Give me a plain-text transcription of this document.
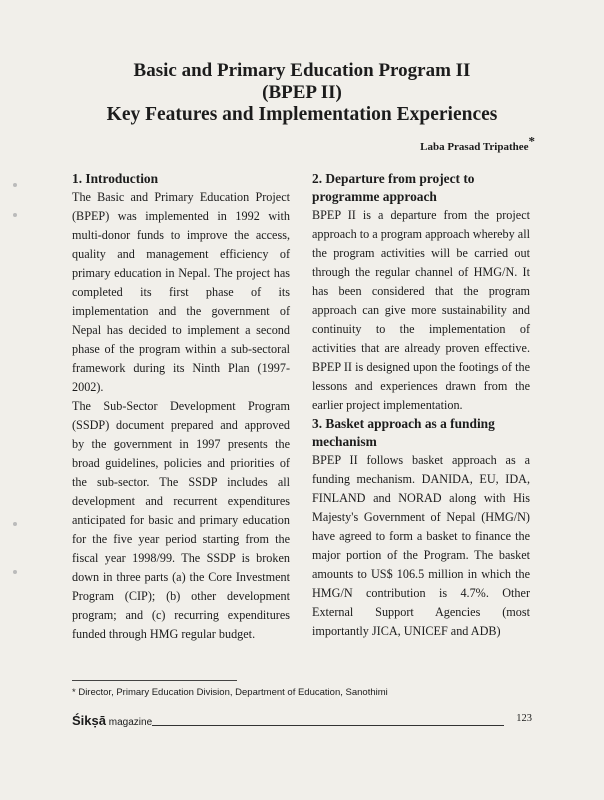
Basic and Primary Education Program II
(BPEP II)
Key Features and Implementation Experiences
Laba Prasad Tripathee*
1. Introduction

The Basic and Primary Education Project (BPEP) was implemented in 1992 with multi-donor funds to improve the access, quality and management efficiency of primary education in Nepal. The project has completed its first phase of its implementation and the government of Nepal has decided to implement a second phase of the program within a sub-sectoral framework during its Ninth Plan (1997-2002).

The Sub-Sector Development Program (SSDP) document prepared and approved by the government in 1997 presents the broad guidelines, policies and priorities of the sub-sector. The SSDP includes all development and recurrent expenditures anticipated for basic and primary education for the five year period starting from the fiscal year 1998/99. The SSDP is broken down in three parts (a) the Core Investment Program (CIP); (b) other development program; and (c) recurring expenditures funded through HMG regular budget.

2. Departure from project to programme approach

BPEP II is a departure from the project approach to a program approach whereby all the program activities will be carried out through the regular channel of HMG/N. It has been considered that the program approach can give more sustainability and continuity to the implementation of activities that are already proven effective. BPEP II is designed upon the footings of the lessons and experiences drawn from the earlier project implementation.

3. Basket approach as a funding mechanism

BPEP II follows basket approach as a funding mechanism. DANIDA, EU, IDA, FINLAND and NORAD along with His Majesty's Government of Nepal (HMG/N) have agreed to form a basket to finance the major portion of the Program. The basket amounts to US$ 106.5 million in which the HMG/N contribution is 4.7%. Other External Support Agencies (most importantly JICA, UNICEF and ADB)

* Director, Primary Education Division, Department of Education, Sanothimi
Śikṣā magazine	123
